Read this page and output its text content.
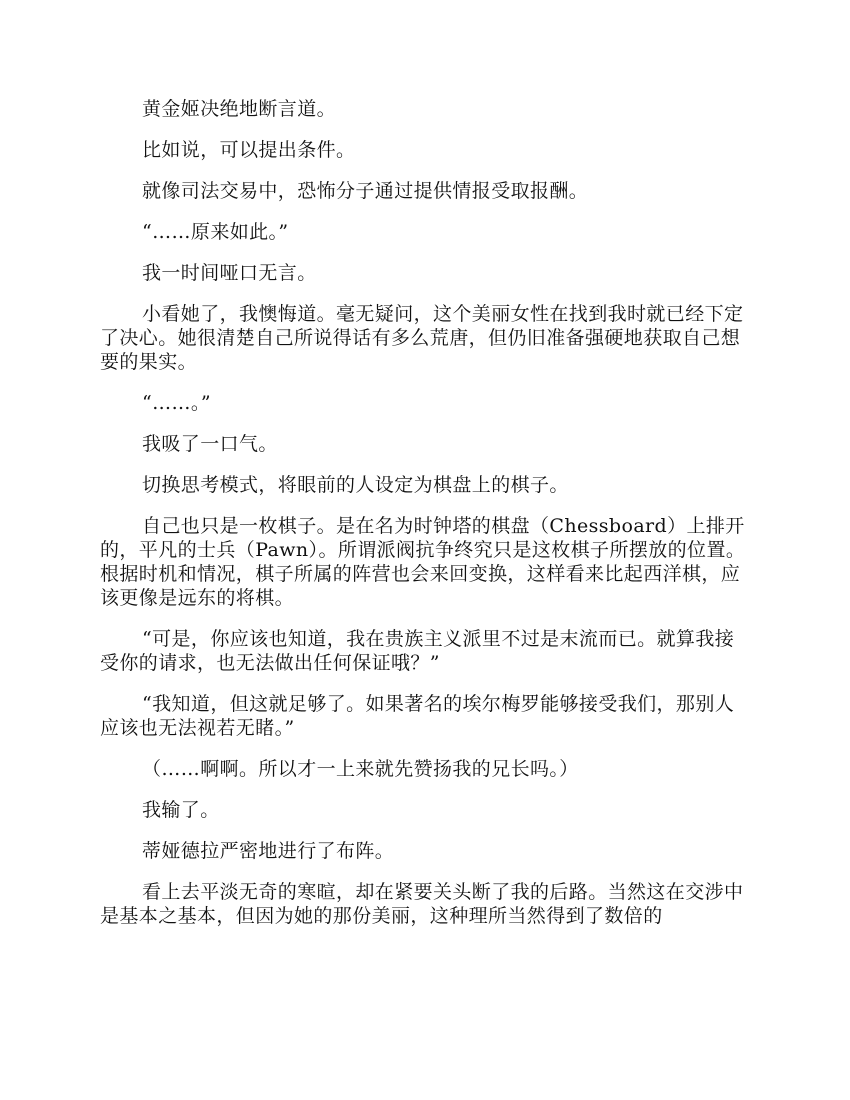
黄金姬决绝地断言道。

比如说，可以提出条件。

就像司法交易中，恐怖分子通过提供情报受取报酬。

“……原来如此。”

我一时间哑口无言。

小看她了，我懊悔道。毫无疑问，这个美丽女性在找到我时就已经下定了决心。她很清楚自己所说得话有多么荒唐，但仍旧准备强硬地获取自己想要的果实。

“……。”

我吸了一口气。

切换思考模式，将眼前的人设定为棋盘上的棋子。

自己也只是一枚棋子。是在名为时钟塔的棋盘（Chessboard）上排开的，平凡的士兵（Pawn）。所谓派阀抗争终究只是这枚棋子所摆放的位置。根据时机和情况，棋子所属的阵营也会来回变换，这样看来比起西洋棋，应该更像是远东的将棋。

“可是，你应该也知道，我在贵族主义派里不过是末流而已。就算我接受你的请求，也无法做出任何保证哦？”

“我知道，但这就足够了。如果著名的埃尔梅罗能够接受我们，那别人应该也无法视若无睹。”

（……啊啊。所以才一上来就先赞扬我的兄长吗。）

我输了。

蒂娅德拉严密地进行了布阵。

看上去平淡无奇的寒暄，却在紧要关头断了我的后路。当然这在交涉中是基本之基本，但因为她的那份美丽，这种理所当然得到了数倍的
